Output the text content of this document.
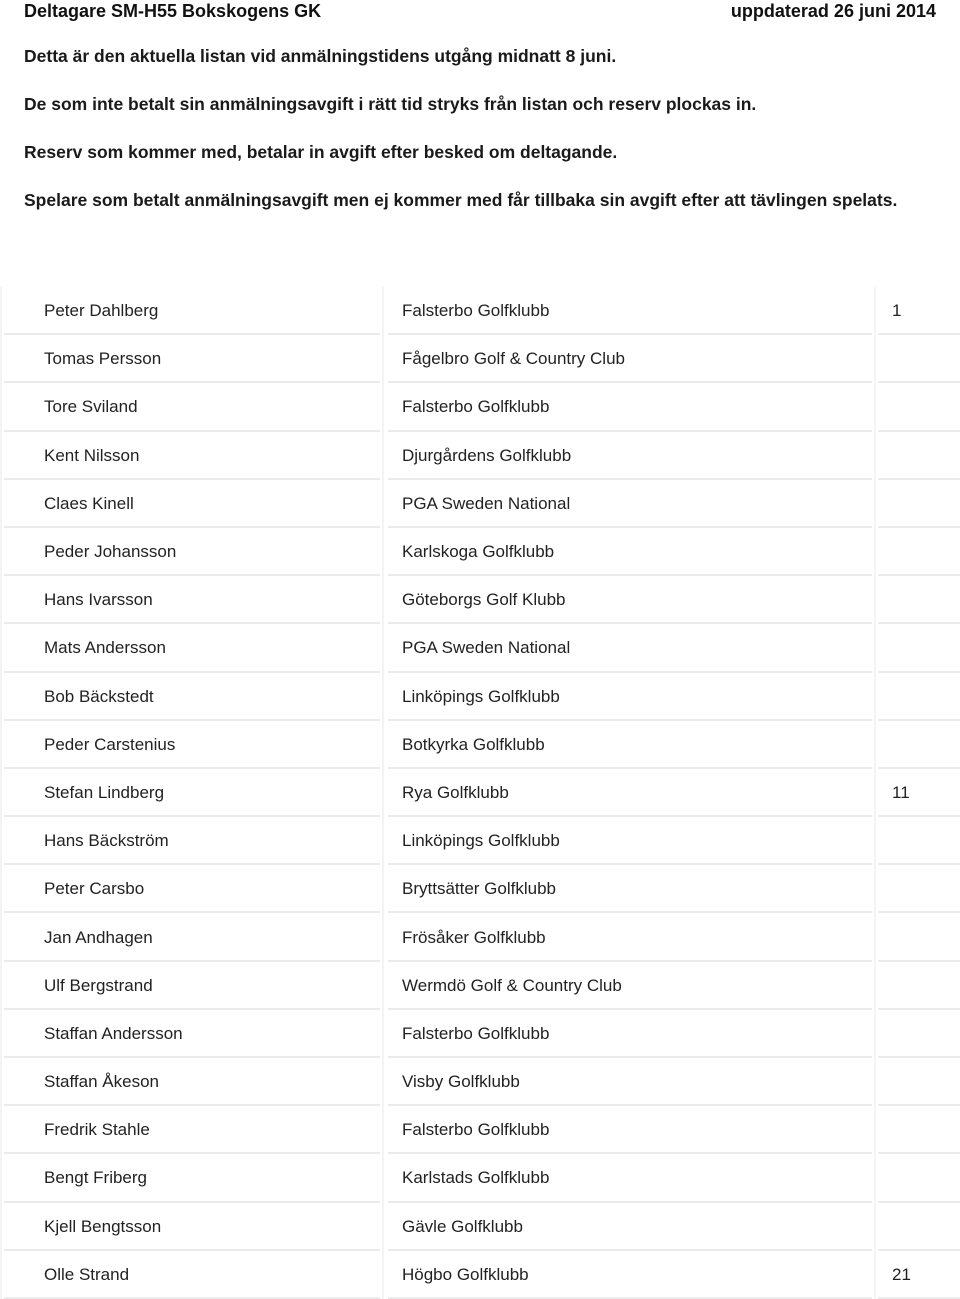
Deltagare SM-H55 Bokskogens GK	uppdaterad 26 juni 2014

Detta är den aktuella listan vid anmälningstidens utgång midnatt 8 juni.

De som inte betalt sin anmälningsavgift i rätt tid stryks från listan och reserv plockas in.

Reserv som kommer med, betalar in avgift efter besked om deltagande.

Spelare som betalt anmälningsavgift men ej kommer med får tillbaka sin avgift efter att tävlingen spelats.

Peter Dahlberg	Falsterbo Golfklubb	1
Tomas Persson	Fågelbro Golf & Country Club
Tore Sviland	Falsterbo Golfklubb
Kent Nilsson	Djurgårdens Golfklubb
Claes Kinell	PGA Sweden National
Peder Johansson	Karlskoga Golfklubb
Hans Ivarsson	Göteborgs Golf Klubb
Mats Andersson	PGA Sweden National
Bob Bäckstedt	Linköpings Golfklubb
Peder Carstenius	Botkyrka Golfklubb
Stefan Lindberg	Rya Golfklubb	11
Hans Bäckström	Linköpings Golfklubb
Peter Carsbo	Bryttsätter Golfklubb
Jan Andhagen	Frösåker Golfklubb
Ulf Bergstrand	Wermdö Golf & Country Club
Staffan Andersson	Falsterbo Golfklubb
Staffan Åkeson	Visby Golfklubb
Fredrik Stahle	Falsterbo Golfklubb
Bengt Friberg	Karlstads Golfklubb
Kjell Bengtsson	Gävle Golfklubb
Olle Strand	Högbo Golfklubb	21
